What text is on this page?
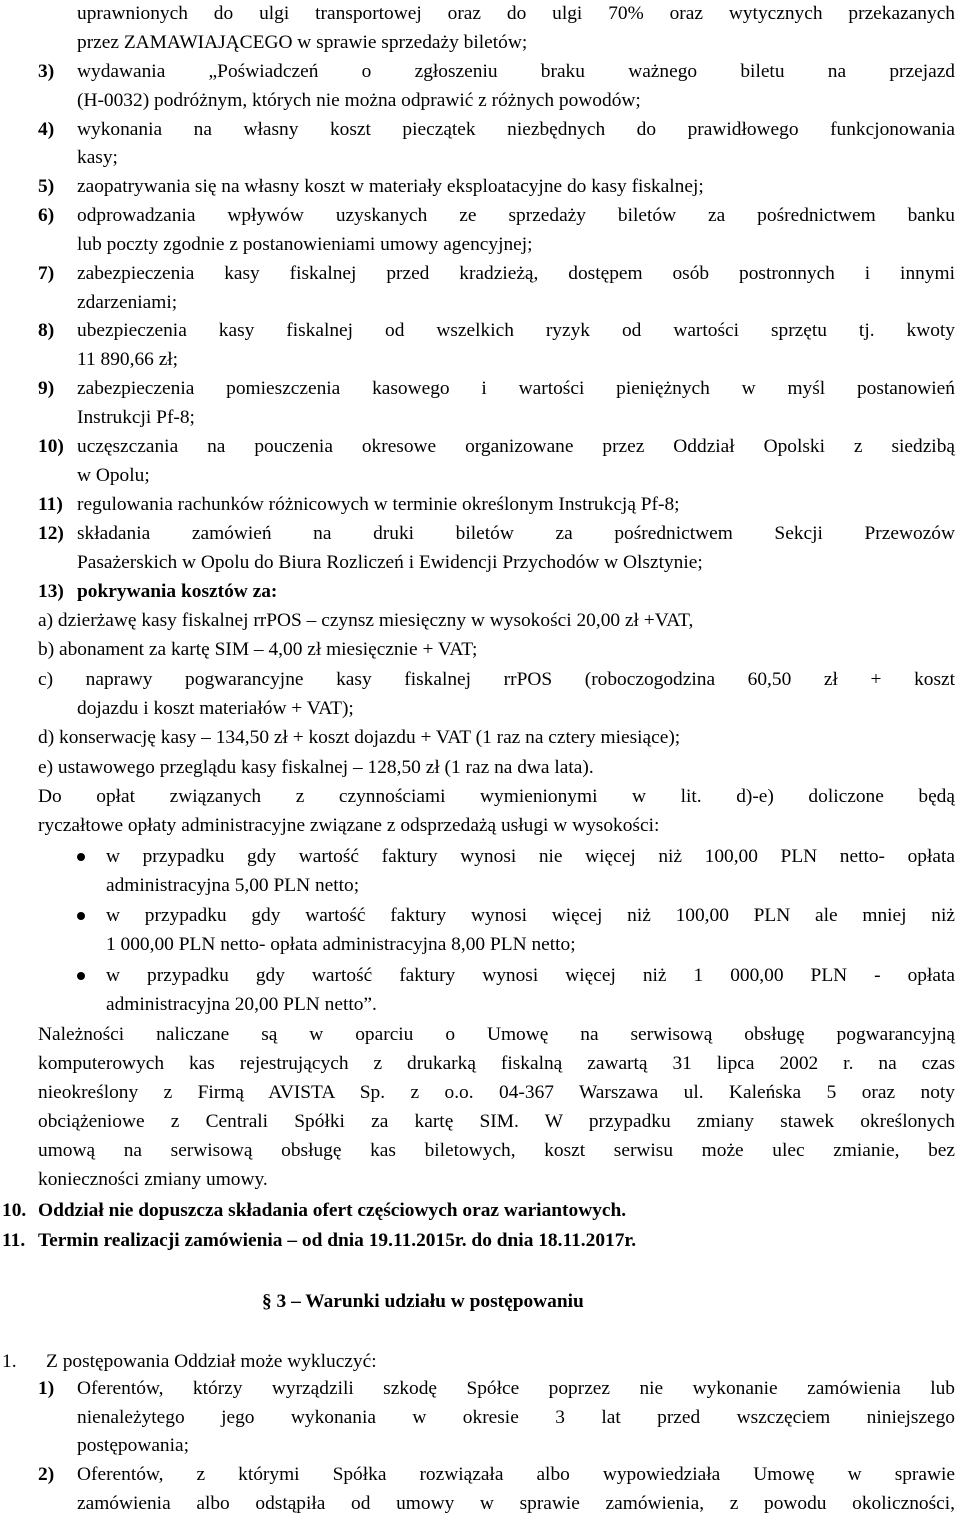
uprawnionych do ulgi transportowej oraz do ulgi 70% oraz wytycznych przekazanych
przez ZAMAWIAJĄCEGO w sprawie sprzedaży biletów;
3) wydawania „Poświadczeń o zgłoszeniu braku ważnego biletu na przejazd
(H-0032) podróżnym, których nie można odprawić z różnych powodów;
4) wykonania na własny koszt pieczątek niezbędnych do prawidłowego funkcjonowania
kasy;
5) zaopatrywania się na własny koszt w materiały eksploatacyjne do kasy fiskalnej;
6) odprowadzania wpływów uzyskanych ze sprzedaży biletów za pośrednictwem banku
lub poczty zgodnie z postanowieniami umowy agencyjnej;
7) zabezpieczenia kasy fiskalnej przed kradzieżą, dostępem osób postronnych i innymi
zdarzeniami;
8) ubezpieczenia kasy fiskalnej od wszelkich ryzyk od wartości sprzętu tj. kwoty
11 890,66 zł;
9) zabezpieczenia pomieszczenia kasowego i wartości pieniężnych w myśl postanowień
Instrukcji Pf-8;
10) uczęszczania na pouczenia okresowe organizowane przez Oddział Opolski z siedzibą
w Opolu;
11) regulowania rachunków różnicowych w terminie określonym Instrukcją Pf-8;
12) składania zamówień na druki biletów za pośrednictwem Sekcji Przewozów
Pasażerskich w Opolu do Biura Rozliczeń i Ewidencji Przychodów w Olsztynie;
13) pokrywania kosztów za:
a) dzierżawę kasy fiskalnej rrPOS – czynsz miesięczny w wysokości 20,00 zł +VAT,
b) abonament za kartę SIM – 4,00 zł miesięcznie + VAT;
c) naprawy pogwarancyjne kasy fiskalnej rrPOS (roboczogodzina 60,50 zł + koszt
dojazdu i koszt materiałów + VAT);
d) konserwację kasy – 134,50 zł + koszt dojazdu + VAT (1 raz na cztery miesiące);
e) ustawowego przeglądu kasy fiskalnej – 128,50 zł (1 raz na dwa lata).
Do opłat związanych z czynnościami wymienionymi w lit. d)-e) doliczone będą
ryczałtowe opłaty administracyjne związane z odsprzedażą usługi w wysokości:
w przypadku gdy wartość faktury wynosi nie więcej niż 100,00 PLN netto- opłata
administracyjna 5,00 PLN netto;
w przypadku gdy wartość faktury wynosi więcej niż 100,00 PLN ale mniej niż
1 000,00 PLN netto- opłata administracyjna 8,00 PLN netto;
w przypadku gdy wartość faktury wynosi więcej niż 1 000,00 PLN - opłata
administracyjna 20,00 PLN netto”.
Należności naliczane są w oparciu o Umowę na serwisową obsługę pogwarancyjną
komputerowych kas rejestrujących z drukarką fiskalną zawartą 31 lipca 2002 r. na czas
nieokreślony z Firmą AVISTA Sp. z o.o. 04-367 Warszawa ul. Kaleńska 5 oraz noty
obciążeniowe z Centrali Spółki za kartę SIM. W przypadku zmiany stawek określonych
umową na serwisową obsługę kas biletowych, koszt serwisu może ulec zmianie, bez
konieczności zmiany umowy.
10. Oddział nie dopuszcza składania ofert częściowych oraz wariantowych.
11. Termin realizacji zamówienia – od dnia 19.11.2015r. do dnia 18.11.2017r.
§ 3 – Warunki udziału w postępowaniu
1. Z postępowania Oddział może wykluczyć:
1) Oferentów, którzy wyrządzili szkodę Spółce poprzez nie wykonanie zamówienia lub
nienależytego jego wykonania w okresie 3 lat przed wszczęciem niniejszego
postępowania;
2) Oferentów, z którymi Spółka rozwiązała albo wypowiedziała Umowę w sprawie
zamówienia albo odstąpiła od umowy w sprawie zamówienia, z powodu okoliczności,
